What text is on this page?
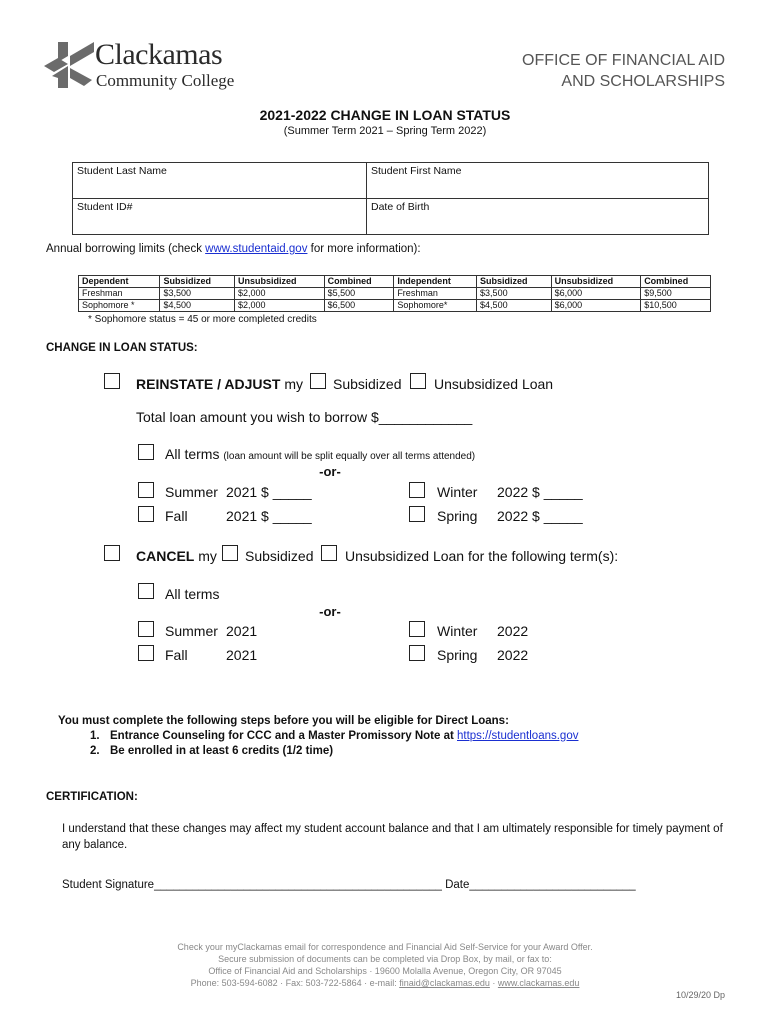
Clackamas
Community College
OFFICE OF FINANCIAL AID
AND SCHOLARSHIPS
2021-2022 CHANGE IN LOAN STATUS
(Summer Term 2021 – Spring Term 2022)
Student Last Name	Student First Name
Student ID#	Date of Birth
Annual borrowing limits (check www.studentaid.gov for more information):
Dependent	Subsidized	Unsubsidized	Combined	Independent	Subsidized	Unsubsidized	Combined
Freshman	$3,500	$2,000	$5,500	Freshman	$3,500	$6,000	$9,500
Sophomore *	$4,500	$2,000	$6,500	Sophomore*	$4,500	$6,000	$10,500
* Sophomore status = 45 or more completed credits
CHANGE IN LOAN STATUS:
REINSTATE / ADJUST my Subsidized Unsubsidized Loan
Total loan amount you wish to borrow $____________
All terms (loan amount will be split equally over all terms attended)
-or-
Summer 2021 $ _____	Winter 2022 $ _____
Fall	2021 $ _____	Spring 2022 $ _____
CANCEL my Subsidized Unsubsidized Loan for the following term(s):
All terms
-or-
Summer 2021	Winter 2022
Fall	2021	Spring 2022
You must complete the following steps before you will be eligible for Direct Loans:
1. Entrance Counseling for CCC and a Master Promissory Note at https://studentloans.gov
2. Be enrolled in at least 6 credits (1/2 time)
CERTIFICATION:
I understand that these changes may affect my student account balance and that I am ultimately responsible for timely payment of any balance.
Student Signature_____________________________________________ Date__________________________
Check your myClackamas email for correspondence and Financial Aid Self-Service for your Award Offer.
Secure submission of documents can be completed via Drop Box, by mail, or fax to:
Office of Financial Aid and Scholarships · 19600 Molalla Avenue, Oregon City, OR 97045
Phone: 503-594-6082 · Fax: 503-722-5864 · e-mail: finaid@clackamas.edu · www.clackamas.edu
10/29/20 Dp
